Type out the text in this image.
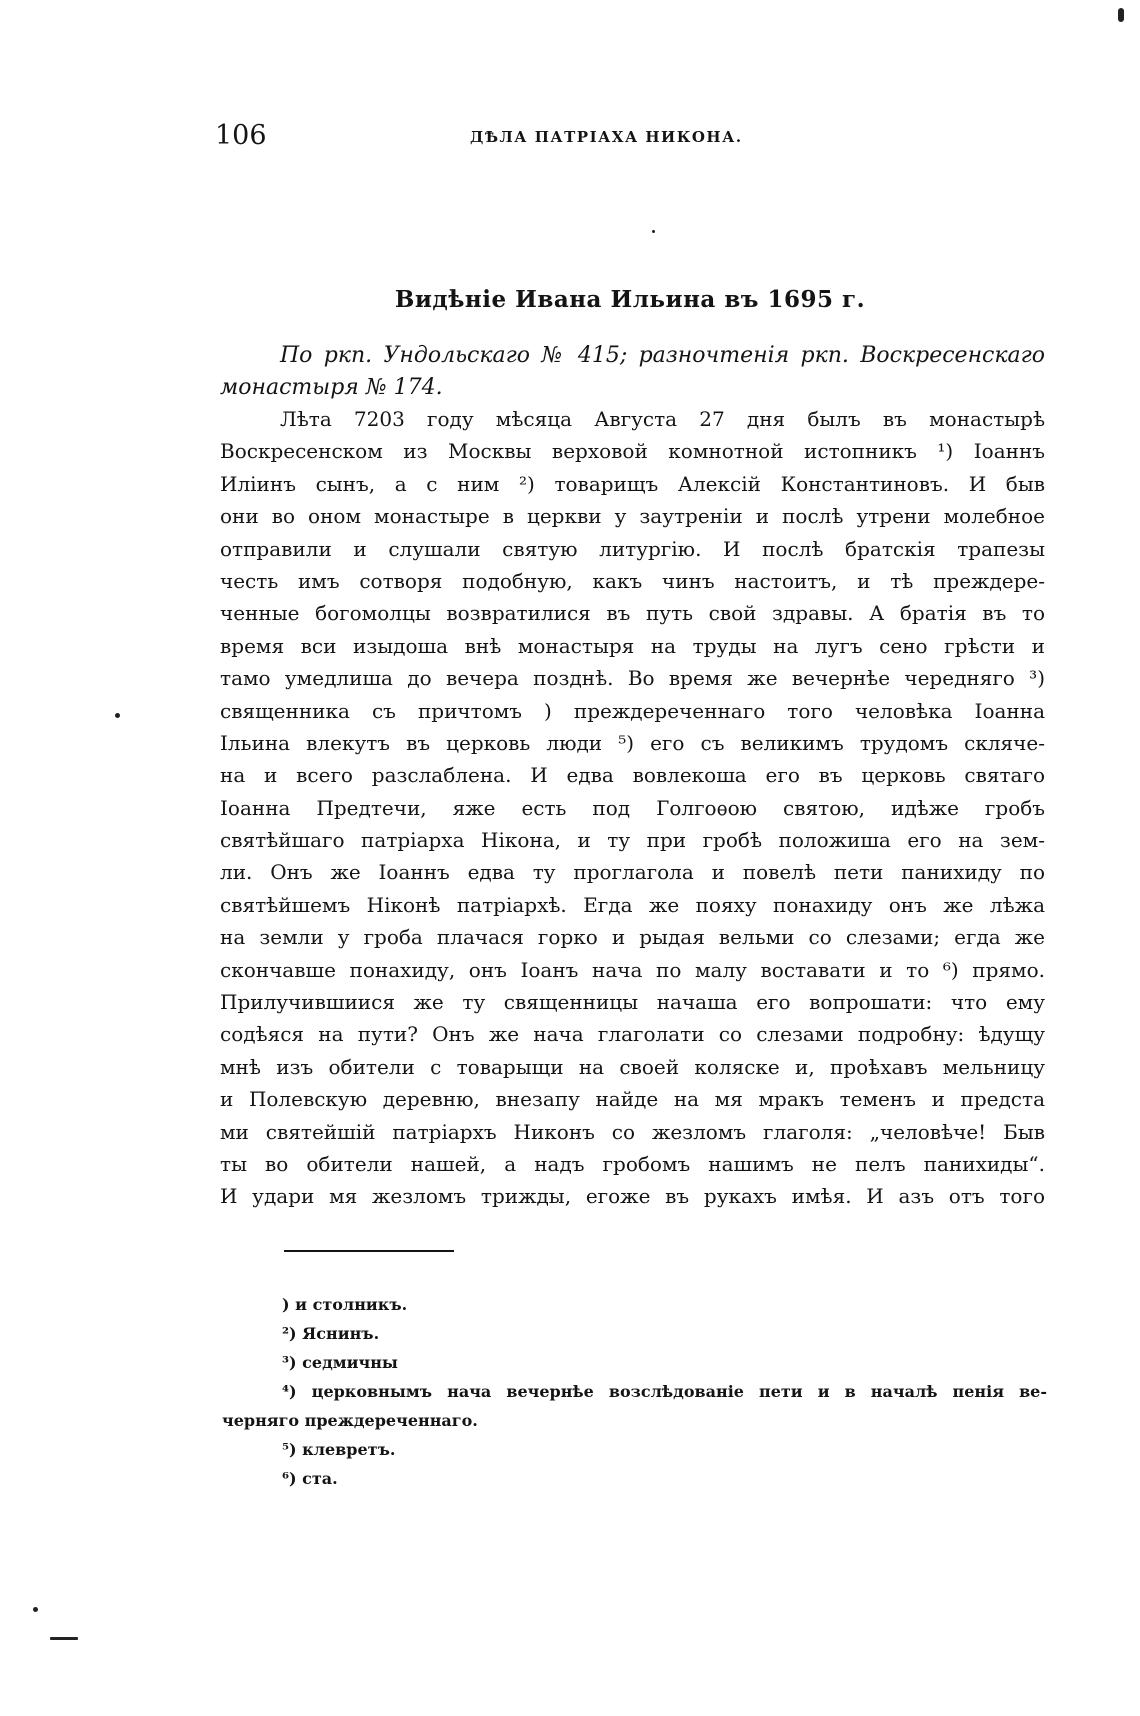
106	ДѢЛА ПАТРІАХА НИКОНА.
Видѣніе Ивана Ильина въ 1695 г.
По ркп. Ундольскаго № 415; разночтенія ркп. Воскресенскаго
монастыря № 174.
Лѣта 7203 году мѣсяца Августа 27 дня былъ въ монастырѣ
Воскресенском из Москвы верховой комнотной истопникъ ¹) Іоаннъ
Иліинъ сынъ, а с ним ²) товарищъ Алексій Константиновъ. И быв
они во оном монастыре в церкви у заутреніи и послѣ утрени молебное
отправили и слушали святую литургію. И послѣ братскія трапезы
честь имъ сотворя подобную, какъ чинъ настоитъ, и тѣ преждере-
ченные богомолцы возвратилися въ путь свой здравы. А братія въ то
время вси изыдоша внѣ монастыря на труды на лугъ сено грѣсти и
тамо умедлиша до вечера позднѣ. Во время же вечернѣе чередняго ³)
священника съ причтомъ ) преждереченнаго того человѣка Іоанна
Ільина влекутъ въ церковь люди ⁵) его съ великимъ трудомъ скляче-
на и всего разслаблена. И едва вовлекоша его въ церковь святаго
Іоанна Предтечи, яже есть под Голгоѳою святою, идѣже гробъ
святѣйшаго патріарха Нікона, и ту при гробѣ положиша его на зем-
ли. Онъ же Іоаннъ едва ту проглагола и повелѣ пети панихиду по
святѣйшемъ Ніконѣ патріархѣ. Егда же пояху понахиду онъ же лѣжа
на земли у гроба плачася горко и рыдая вельми со слезами; егда же
скончавше понахиду, онъ Іоанъ нача по малу воставати и то ⁶) прямо.
Прилучившиися же ту священницы начаша его вопрошати: что ему
содѣяся на пути? Онъ же нача глаголати со слезами подробну: ѣдущу
мнѣ изъ обители с товарыщи на своей коляске и, проѣхавъ мельницу
и Полевскую деревню, внезапу найде на мя мракъ теменъ и предста
ми святейшій патріархъ Никонъ со жезломъ глаголя: „человѣче! Быв
ты во обители нашей, а надъ гробомъ нашимъ не пелъ панихиды“.
И удари мя жезломъ трижды, егоже въ рукахъ имѣя. И азъ отъ того
) и столникъ.
²) Яснинъ.
³) седмичны
⁴) церковнымъ нача вечернѣе возслѣдованіе пети и в началѣ пенія ве-
черняго преждереченнаго.
⁵) клевретъ.
⁶) ста.
